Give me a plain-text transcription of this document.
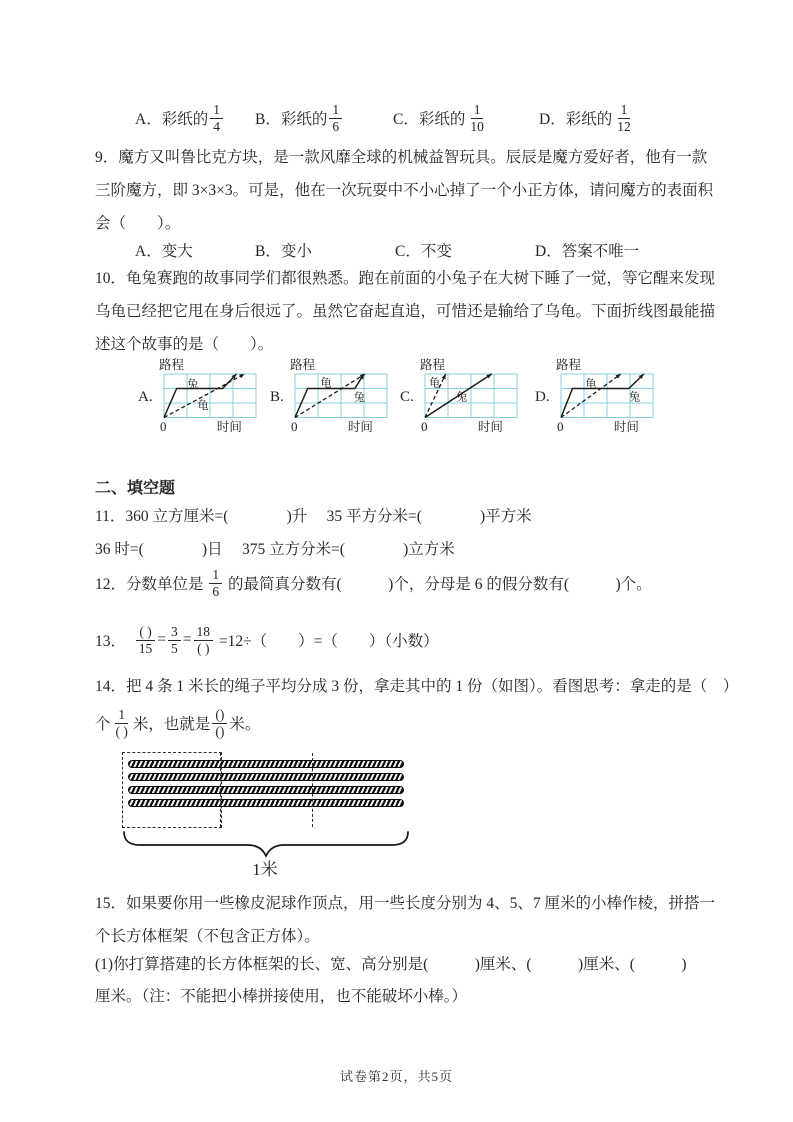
A．彩纸的 $\frac{1}{4}$ B．彩纸的 $\frac{1}{6}$	C．彩纸的 $\frac{1}{10}$	D．彩纸的 $\frac{1}{12}$
9．魔方又叫鲁比克方块，是一款风靡全球的机械益智玩具。辰辰是魔方爱好者，他有一款
三阶魔方，即 3×3×3。可是，他在一次玩耍中不小心掉了一个小正方体，请问魔方的表面积
会（　　）。
A．变大	B．变小	C．不变	D．答案不唯一
10．龟兔赛跑的故事同学们都很熟悉。跑在前面的小兔子在大树下睡了一觉，等它醒来发现
乌龟已经把它甩在身后很远了。虽然它奋起直追，可惜还是输给了乌龟。下面折线图最能描
述这个故事的是（　　）。
A.
兔
龟
路程
0	时间
B.
龟
兔
路程
0	时间
C.
龟
兔
路程
0	时间
D.
龟
兔
路程
0	时间
二、填空题
11．360 立方厘米=(               )升     35 平方分米=(               )平方米
36 时=(               )日     375 立方分米=(               )立方米
12．分数单位是 $\frac{1}{6}$ 的最简真分数有(            )个，分母是 6 的假分数有(            )个。
13．　 $\frac{( )}{15} = \frac{3}{5} = \frac{18}{( )} =12\div$（　　）=（　　）（小数）
14．把 4 条 1 米长的绳子平均分成 3 份，拿走其中的 1 份（如图）。看图思考：拿走的是（　）
个 $\frac{1}{( )}$ 米，也就是 $\frac{()}{()}$ 米。
1米
15．如果要你用一些橡皮泥球作顶点，用一些长度分别为 4、5、7 厘米的小棒作棱，拼搭一
个长方体框架（不包含正方体）。
(1)你打算搭建的长方体框架的长、宽、高分别是(            )厘米、(            )厘米、(            )
厘米。（注：不能把小棒拼接使用，也不能破坏小棒。）
试卷第2页，共5页
